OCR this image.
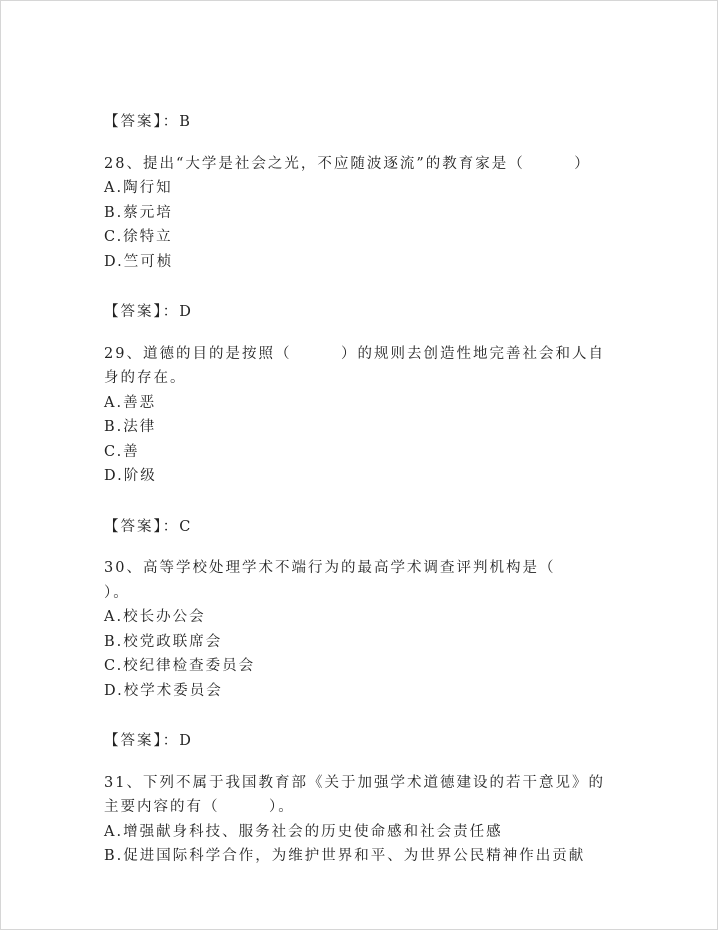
【答案】：B
28、提出“大学是社会之光，不应随波逐流”的教育家是（　　　）
A.陶行知
B.蔡元培
C.徐特立
D.竺可桢
【答案】：D
29、道德的目的是按照（　　　）的规则去创造性地完善社会和人自
身的存在。
A.善恶
B.法律
C.善
D.阶级
【答案】：C
30、高等学校处理学术不端行为的最高学术调查评判机构是（
）。
A.校长办公会
B.校党政联席会
C.校纪律检查委员会
D.校学术委员会
【答案】：D
31、下列不属于我国教育部《关于加强学术道德建设的若干意见》的
主要内容的有（　　　）。
A.增强献身科技、服务社会的历史使命感和社会责任感
B.促进国际科学合作，为维护世界和平、为世界公民精神作出贡献
